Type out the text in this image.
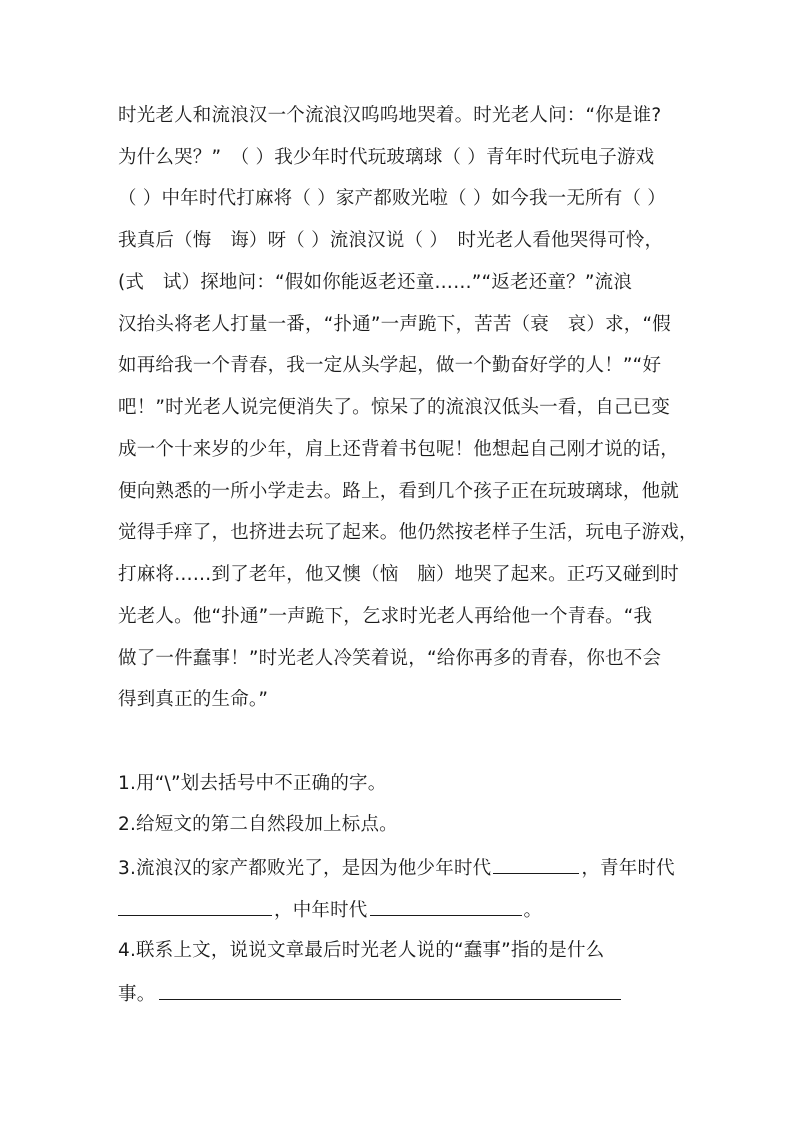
时光老人和流浪汉一个流浪汉呜呜地哭着。时光老人问：“你是谁?
为什么哭？”　（ ）我少年时代玩玻璃球（ ）青年时代玩电子游戏
（ ）中年时代打麻将（ ）家产都败光啦（ ）如今我一无所有（ ）
我真后（悔　诲）呀（ ）流浪汉说（ ）　时光老人看他哭得可怜，
(式　试）探地问：“假如你能返老还童……”“返老还童？”流浪
汉抬头将老人打量一番，“扑通”一声跪下，苦苦（衰　哀）求，“假
如再给我一个青春，我一定从头学起，做一个勤奋好学的人！”“好
吧！”时光老人说完便消失了。惊呆了的流浪汉低头一看，自己已变
成一个十来岁的少年，肩上还背着书包呢！他想起自己刚才说的话，
便向熟悉的一所小学走去。路上，看到几个孩子正在玩玻璃球，他就
觉得手痒了，也挤进去玩了起来。他仍然按老样子生活，玩电子游戏，
打麻将……到了老年，他又懊（恼　脑）地哭了起来。正巧又碰到时
光老人。他“扑通”一声跪下，乞求时光老人再给他一个青春。“我
做了一件蠢事！”时光老人冷笑着说，“给你再多的青春，你也不会
得到真正的生命。”
1.用“\”划去括号中不正确的字。
2.给短文的第二自然段加上标点。
3.流浪汉的家产都败光了，是因为他少年时代	，青年时代
，中年时代	。
4.联系上文，说说文章最后时光老人说的“蠢事”指的是什么
事。
